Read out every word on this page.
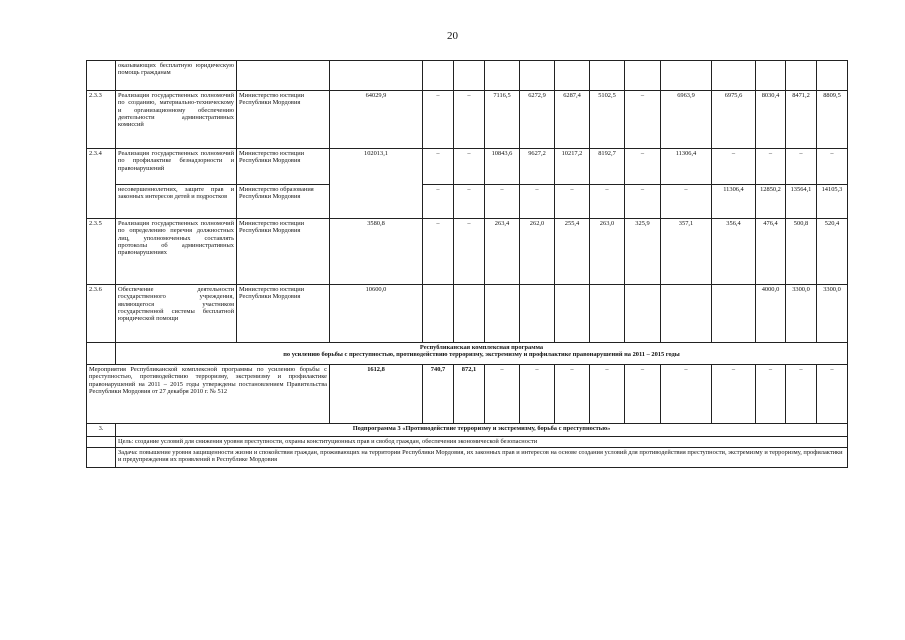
20
	оказывающих бесплатную юридическую помощь гражданам														
2.3.3	Реализация государственных полномочий по созданию, материально-техническому и организационному обеспечению деятельности административных комиссий	Министерство юстиции Республики Мордовия	64029,9	–	–	7116,5	6272,9	6287,4	5102,5	–	6963,9	6975,6	8030,4	8471,2	8809,5
2.3.4	Реализация государственных полномочий по профилактике безнадзорности и правонарушений	Министерство юстиции Республики Мордовия	102013,1	–	–	10843,6	9627,2	10217,2	8192,7	–	11306,4	–	–	–	–
	несовершеннолетних, защите прав и законных интересов детей и подростков	Министерство образования Республики Мордовия		–	–	–	–	–	–	–	–	11306,4	12850,2	13564,1	14105,3
2.3.5	Реализация государственных полномочий по определению перечня должностных лиц, уполномоченных составлять протоколы об административных правонарушениях	Министерство юстиции Республики Мордовия	3580,8	–	–	263,4	262,0	255,4	263,0	325,9	357,1	356,4	476,4	500,8	520,4
2.3.6	Обеспечение деятельности государственного учреждения, являющегося участником государственной системы бесплатной юридической помощи	Министерство юстиции Республики Мордовия	10600,0										4000,0	3300,0	3300,0

	Республиканская комплексная программа
по усилению борьбы с преступностью, противодействию терроризму, экстремизму и профилактике правонарушений на 2011 – 2015 годы														

Мероприятия Республиканской комплексной программы по усилению борьбы с преступностью, противодействию терроризму, экстремизму и профилактике правонарушений на 2011 – 2015 годы утверждены постановлением Правительства Республики Мордовия от 27 декабря 2010 г. № 512			1612,8	740,7	872,1	–	–	–	–	–	–	–	–	–	–
3.	Подпрограмма 3 «Противодействие терроризму и экстремизму, борьба с преступностью»														
	Цель: создание условий для снижения уровня преступности, охраны конституционных прав и свобод граждан, обеспечения экономической безопасности														
	Задача: повышение уровня защищенности жизни и спокойствия граждан, проживающих на территории Республики Мордовия, их законных прав и интересов на основе создания условий для противодействия преступности, экстремизму и терроризму, профилактики и предупреждения их проявлений в Республике Мордовия														
